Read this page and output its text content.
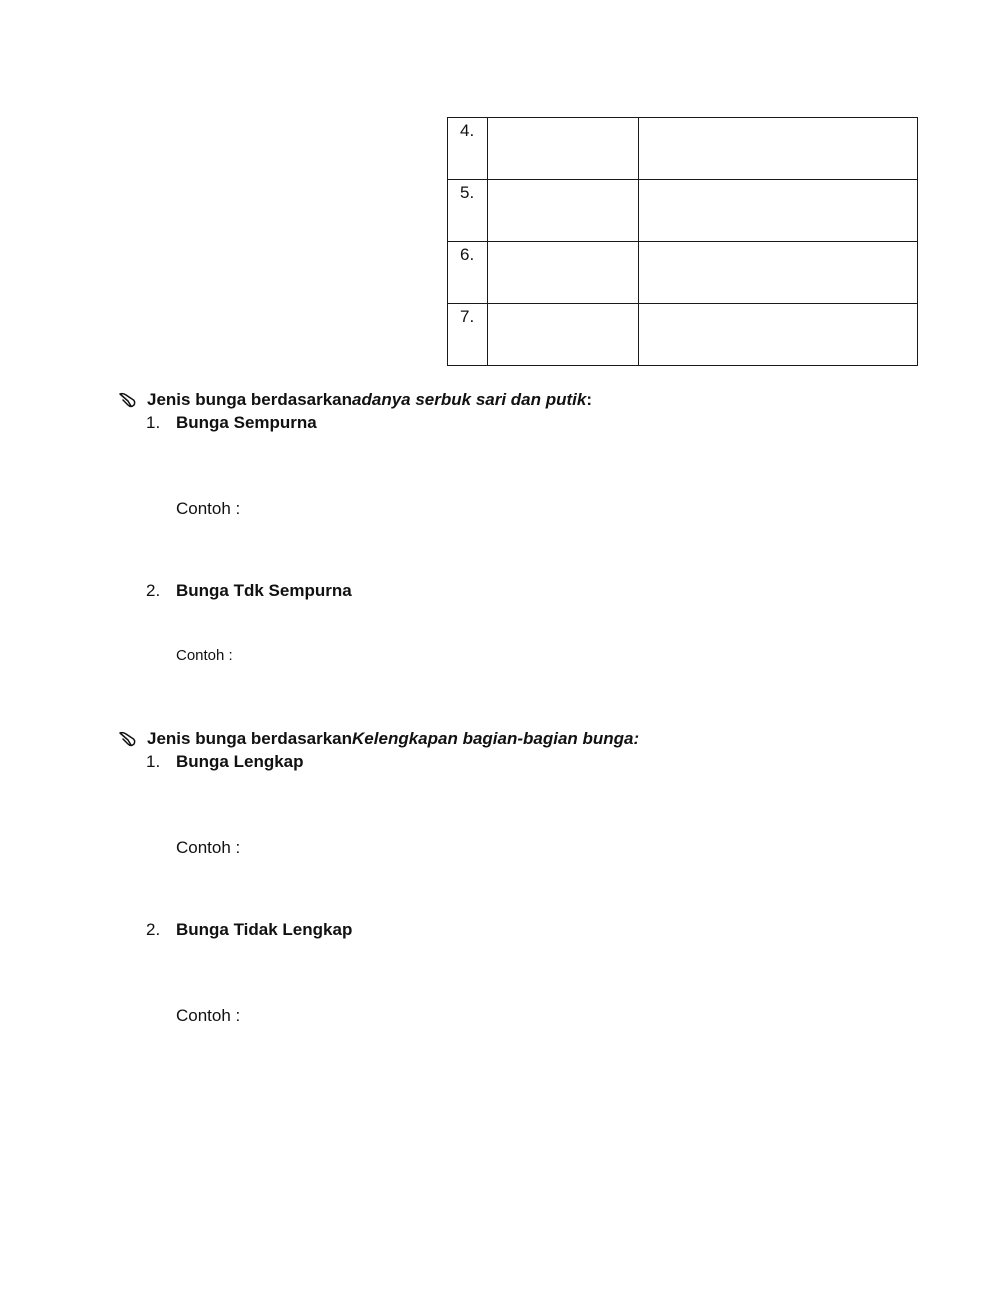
4.		
5.		
6.		
7.		
Jenis bunga berdasarkan adanya serbuk sari dan putik :
1. Bunga Sempurna
Contoh :
2. Bunga Tdk Sempurna
Contoh :
Jenis bunga berdasarkan Kelengkapan bagian-bagian bunga:
1. Bunga Lengkap
Contoh :
2. Bunga Tidak Lengkap
Contoh :
